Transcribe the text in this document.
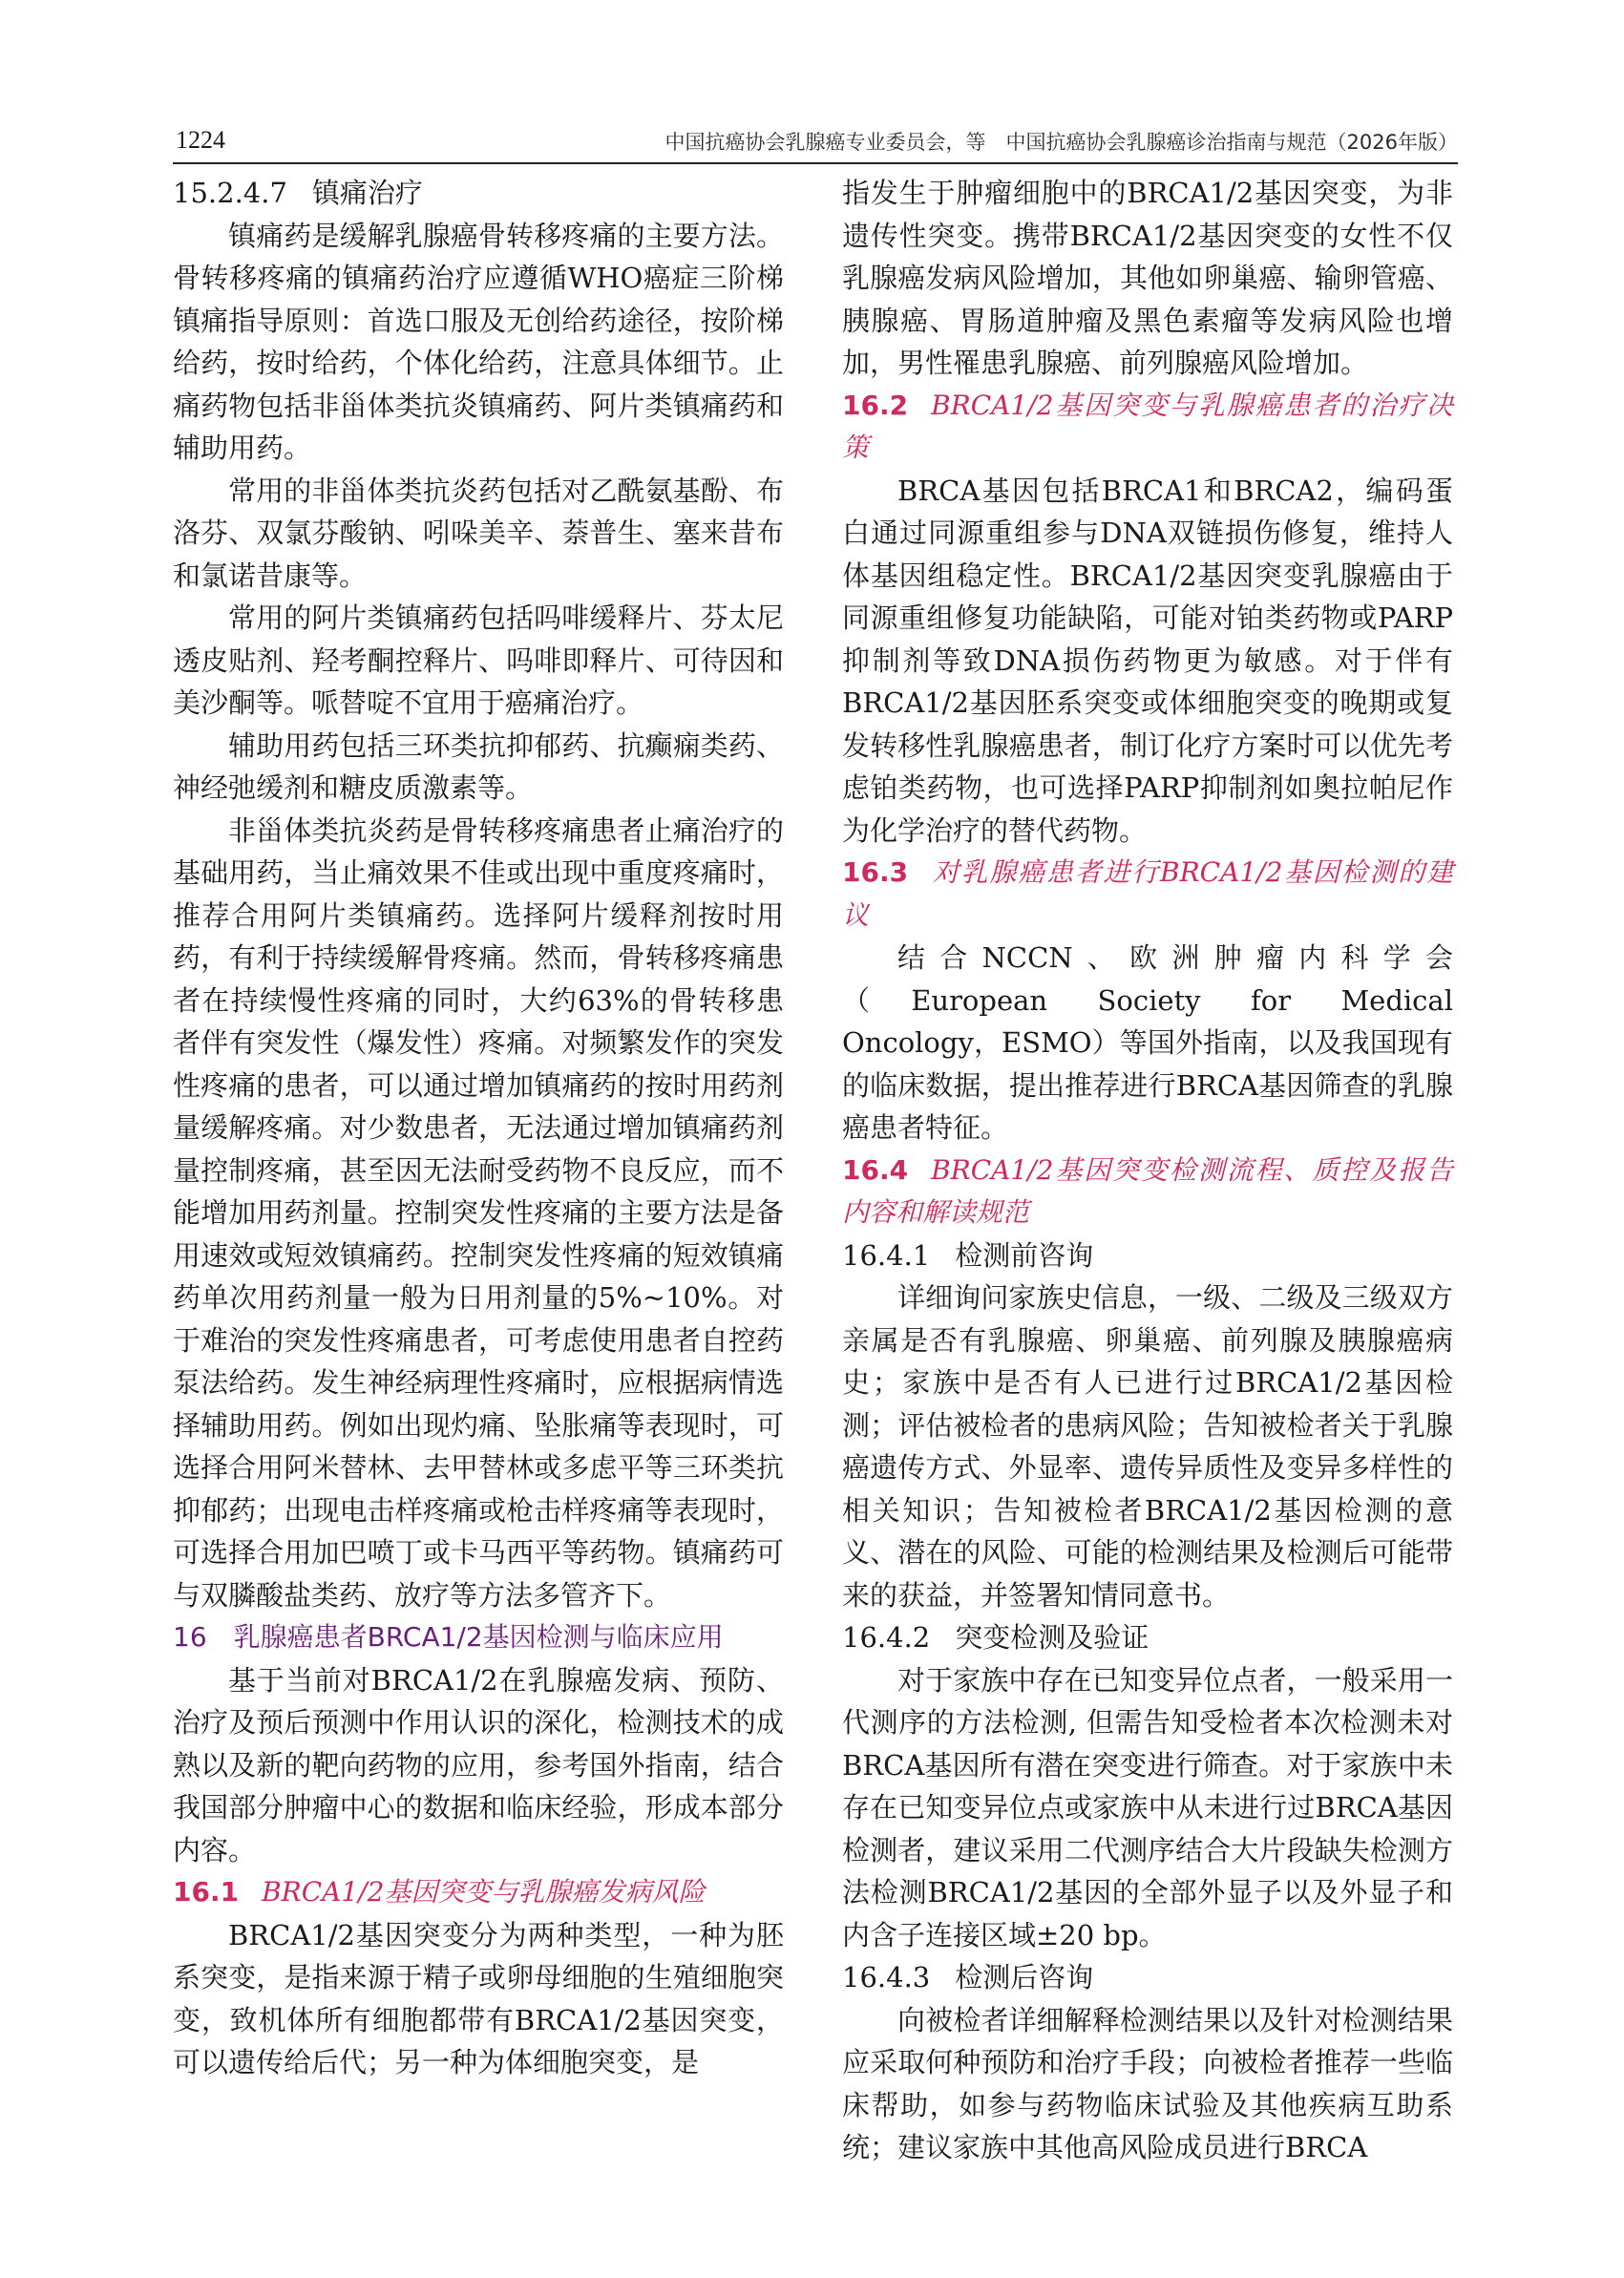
1224	中国抗癌协会乳腺癌专业委员会，等　中国抗癌协会乳腺癌诊治指南与规范（2026年版）

15.2.4.7 镇痛治疗

镇痛药是缓解乳腺癌骨转移疼痛的主要方法。骨转移疼痛的镇痛药治疗应遵循WHO癌症三阶梯镇痛指导原则：首选口服及无创给药途径，按阶梯给药，按时给药，个体化给药，注意具体细节。止痛药物包括非甾体类抗炎镇痛药、阿片类镇痛药和辅助用药。

常用的非甾体类抗炎药包括对乙酰氨基酚、布洛芬、双氯芬酸钠、吲哚美辛、萘普生、塞来昔布和氯诺昔康等。

常用的阿片类镇痛药包括吗啡缓释片、芬太尼透皮贴剂、羟考酮控释片、吗啡即释片、可待因和美沙酮等。哌替啶不宜用于癌痛治疗。

辅助用药包括三环类抗抑郁药、抗癫痫类药、神经弛缓剂和糖皮质激素等。

非甾体类抗炎药是骨转移疼痛患者止痛治疗的基础用药，当止痛效果不佳或出现中重度疼痛时，推荐合用阿片类镇痛药。选择阿片缓释剂按时用药，有利于持续缓解骨疼痛。然而，骨转移疼痛患者在持续慢性疼痛的同时，大约63%的骨转移患者伴有突发性（爆发性）疼痛。对频繁发作的突发性疼痛的患者，可以通过增加镇痛药的按时用药剂量缓解疼痛。对少数患者，无法通过增加镇痛药剂量控制疼痛，甚至因无法耐受药物不良反应，而不能增加用药剂量。控制突发性疼痛的主要方法是备用速效或短效镇痛药。控制突发性疼痛的短效镇痛药单次用药剂量一般为日用剂量的5%~10%。对于难治的突发性疼痛患者，可考虑使用患者自控药泵法给药。发生神经病理性疼痛时，应根据病情选择辅助用药。例如出现灼痛、坠胀痛等表现时，可选择合用阿米替林、去甲替林或多虑平等三环类抗抑郁药；出现电击样疼痛或枪击样疼痛等表现时，可选择合用加巴喷丁或卡马西平等药物。镇痛药可与双膦酸盐类药、放疗等方法多管齐下。

16 乳腺癌患者BRCA1/2基因检测与临床应用

基于当前对BRCA1/2在乳腺癌发病、预防、治疗及预后预测中作用认识的深化，检测技术的成熟以及新的靶向药物的应用，参考国外指南，结合我国部分肿瘤中心的数据和临床经验，形成本部分内容。

16.1 BRCA1/2基因突变与乳腺癌发病风险

BRCA1/2基因突变分为两种类型，一种为胚系突变，是指来源于精子或卵母细胞的生殖细胞突变，致机体所有细胞都带有BRCA1/2基因突变，可以遗传给后代；另一种为体细胞突变，是

指发生于肿瘤细胞中的BRCA1/2基因突变，为非遗传性突变。携带BRCA1/2基因突变的女性不仅乳腺癌发病风险增加，其他如卵巢癌、输卵管癌、胰腺癌、胃肠道肿瘤及黑色素瘤等发病风险也增加，男性罹患乳腺癌、前列腺癌风险增加。

16.2 BRCA1/2基因突变与乳腺癌患者的治疗决策

BRCA基因包括BRCA1和BRCA2，编码蛋白通过同源重组参与DNA双链损伤修复，维持人体基因组稳定性。BRCA1/2基因突变乳腺癌由于同源重组修复功能缺陷，可能对铂类药物或PARP抑制剂等致DNA损伤药物更为敏感。对于伴有BRCA1/2基因胚系突变或体细胞突变的晚期或复发转移性乳腺癌患者，制订化疗方案时可以优先考虑铂类药物，也可选择PARP抑制剂如奥拉帕尼作为化学治疗的替代药物。

16.3 对乳腺癌患者进行BRCA1/2基因检测的建议

结合NCCN、欧洲肿瘤内科学会（European Society for Medical Oncology，ESMO）等国外指南，以及我国现有的临床数据，提出推荐进行BRCA基因筛查的乳腺癌患者特征。

16.4 BRCA1/2基因突变检测流程、质控及报告内容和解读规范

16.4.1 检测前咨询

详细询问家族史信息，一级、二级及三级双方亲属是否有乳腺癌、卵巢癌、前列腺及胰腺癌病史；家族中是否有人已进行过BRCA1/2基因检测；评估被检者的患病风险；告知被检者关于乳腺癌遗传方式、外显率、遗传异质性及变异多样性的相关知识；告知被检者BRCA1/2基因检测的意义、潜在的风险、可能的检测结果及检测后可能带来的获益，并签署知情同意书。

16.4.2 突变检测及验证

对于家族中存在已知变异位点者，一般采用一代测序的方法检测, 但需告知受检者本次检测未对BRCA基因所有潜在突变进行筛查。对于家族中未存在已知变异位点或家族中从未进行过BRCA基因检测者，建议采用二代测序结合大片段缺失检测方法检测BRCA1/2基因的全部外显子以及外显子和内含子连接区域±20 bp。

16.4.3 检测后咨询

向被检者详细解释检测结果以及针对检测结果应采取何种预防和治疗手段；向被检者推荐一些临床帮助，如参与药物临床试验及其他疾病互助系统；建议家族中其他高风险成员进行BRCA
